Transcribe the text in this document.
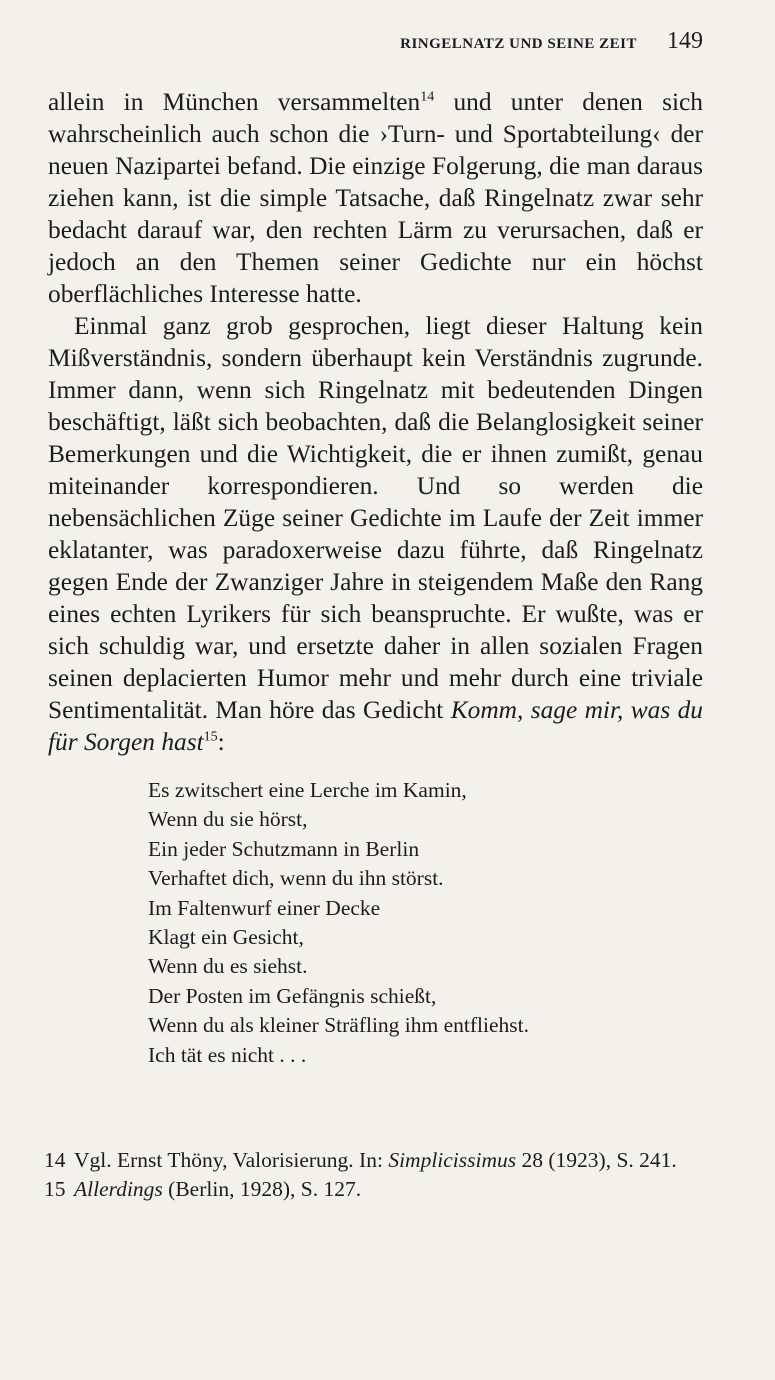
RINGELNATZ UND SEINE ZEIT 149

allein in München versammelten$^{14}$ und unter denen sich wahrscheinlich auch schon die ›Turn- und Sportabteilung‹ der neuen Nazipartei befand. Die einzige Folgerung, die man daraus ziehen kann, ist die simple Tatsache, daß Ringelnatz zwar sehr bedacht darauf war, den rechten Lärm zu verursachen, daß er jedoch an den Themen seiner Gedichte nur ein höchst oberflächliches Interesse hatte.

Einmal ganz grob gesprochen, liegt dieser Haltung kein Mißverständnis, sondern überhaupt kein Verständnis zugrunde. Immer dann, wenn sich Ringelnatz mit bedeutenden Dingen beschäftigt, läßt sich beobachten, daß die Belanglosigkeit seiner Bemerkungen und die Wichtigkeit, die er ihnen zumißt, genau miteinander korrespondieren. Und so werden die nebensächlichen Züge seiner Gedichte im Laufe der Zeit immer eklatanter, was paradoxerweise dazu führte, daß Ringelnatz gegen Ende der Zwanziger Jahre in steigendem Maße den Rang eines echten Lyrikers für sich beanspruchte. Er wußte, was er sich schuldig war, und ersetzte daher in allen sozialen Fragen seinen deplacierten Humor mehr und mehr durch eine triviale Sentimentalität. Man höre das Gedicht Komm, sage mir, was du für Sorgen hast$^{15}$:

Es zwitschert eine Lerche im Kamin,
Wenn du sie hörst,
Ein jeder Schutzmann in Berlin
Verhaftet dich, wenn du ihn störst.
Im Faltenwurf einer Decke
Klagt ein Gesicht,
Wenn du es siehst.
Der Posten im Gefängnis schießt,
Wenn du als kleiner Sträfling ihm entfliehst.
Ich tät es nicht . . .
14 Vgl. Ernst Thöny, Valorisierung. In: Simplicissimus 28 (1923), S. 241.
15 Allerdings (Berlin, 1928), S. 127.
